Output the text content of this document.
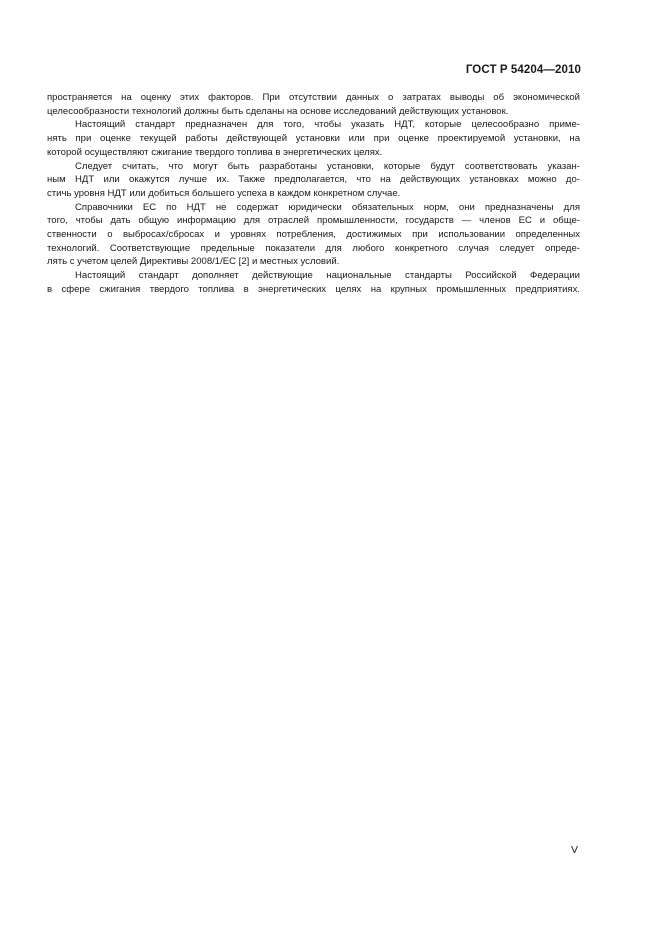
ГОСТ Р 54204—2010
пространяется на оценку этих факторов. При отсутствии данных о затратах выводы об экономической
целесообразности технологий должны быть сделаны на основе исследований действующих установок.
Настоящий стандарт предназначен для того, чтобы указать НДТ, которые целесообразно приме-
нять при оценке текущей работы действующей установки или при оценке проектируемой установки, на
которой осуществляют сжигание твердого топлива в энергетических целях.
Следует считать, что могут быть разработаны установки, которые будут соответствовать указан-
ным НДТ или окажутся лучше их. Также предполагается, что на действующих установках можно до-
стичь уровня НДТ или добиться большего успеха в каждом конкретном случае.
Справочники ЕС по НДТ не содержат юридически обязательных норм, они предназначены для
того, чтобы дать общую информацию для отраслей промышленности, государств — членов ЕС и обще-
ственности о выбросах/сбросах и уровнях потребления, достижимых при использовании определенных
технологий. Соответствующие предельные показатели для любого конкретного случая следует опреде-
лять с учетом целей Директивы 2008/1/ЕС [2] и местных условий.
Настоящий стандарт дополняет действующие национальные стандарты Российской Федерации
в сфере сжигания твердого топлива в энергетических целях на крупных промышленных предприятиях.
V
